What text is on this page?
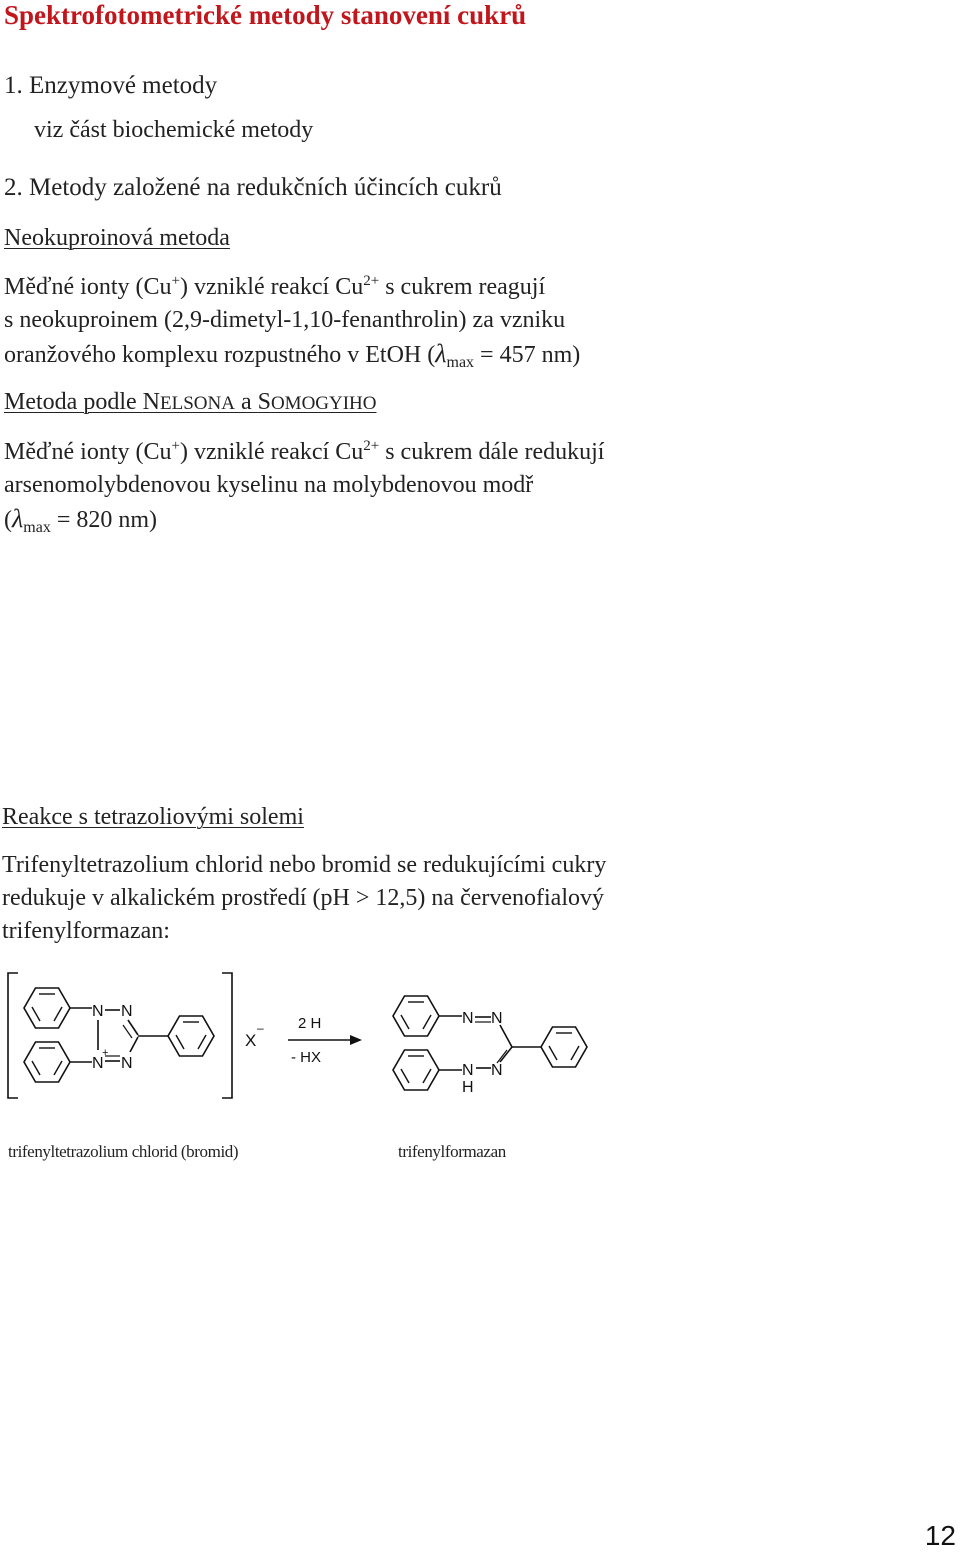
Spektrofotometrické metody stanovení cukrů
1. Enzymové metody
viz část biochemické metody
2. Metody založené na redukčních účincích cukrů
Neokuproinová metoda
Měďné ionty (Cu+) vzniklé reakcí $Cu^{2+}$ s cukrem reagují
s neokuproinem (2,9-dimetyl-1,10-fenanthrolin) za vzniku
oranžového komplexu rozpustného v EtOH ($\lambda_{max} = 457$ nm)
Metoda podle NELSONA a SOMOGYIHO
Měďné ionty (Cu+) vzniklé reakcí $Cu^{2+}$ s cukrem dále redukují
arsenomolybdenovou kyselinu na molybdenovou modř
($\lambda_{max} = 820$ nm)
Reakce s tetrazoliovými solemi
Trifenyltetrazolium chlorid nebo bromid se redukujícími cukry
redukuje v alkalickém prostředí (pH > 12,5) na červenofialový
trifenylformazan:
N N
N N
+
X
– 2 H
- HX
N N
N N
H
trifenyltetrazolium chlorid (bromid)	trifenylformazan
12
